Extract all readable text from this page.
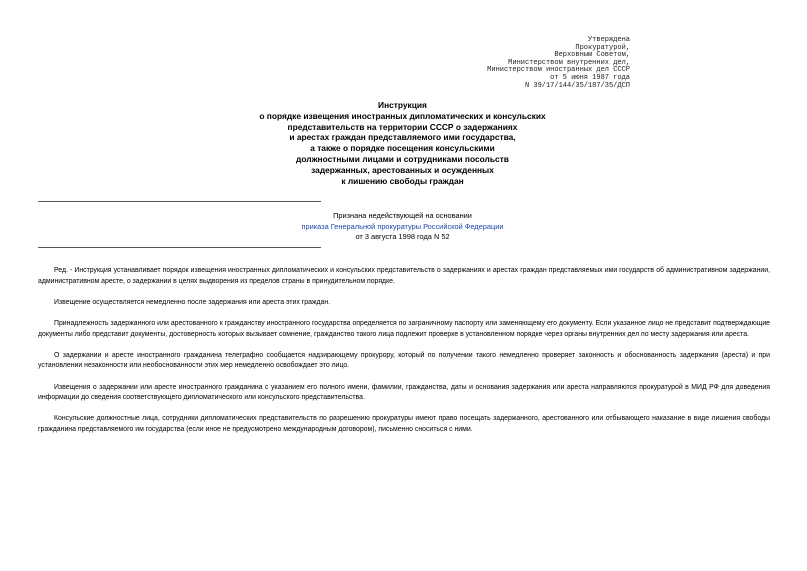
Утверждена
Прокуратурой,
Верховным Советом,
Министерством внутренних дел,
Министерством иностранных дел СССР
от 5 июня 1987 года
N 39/17/144/35/187/35/ДСП
Инструкция
о порядке извещения иностранных дипломатических и консульских
представительств на территории СССР о задержаниях
и арестах граждан представляемого ими государства,
а также о порядке посещения консульскими
должностными лицами и сотрудниками посольств
задержанных, арестованных и осужденных
к лишению свободы граждан
Признана недействующей на основании
приказа Генеральной прокуратуры Российской Федерации
от 3 августа 1998 года N 52

Ред. - Инструкция устанавливает порядок извещения иностранных дипломатических и консульских представительств о задержаниях и арестах граждан представляемых ими государств об административном задержании, административном аресте, о задержании в целях выдворения из пределов страны в принудительном порядке.

Извещение осуществляется немедленно после задержания или ареста этих граждан.

Принадлежность задержанного или арестованного к гражданству иностранного государства определяется по заграничному паспорту или заменяющему его документу. Если указанное лицо не представит подтверждающие документы либо представит документы, достоверность которых вызывает сомнение, гражданство такого лица подлежит проверке в установленном порядке через органы внутренних дел по месту задержания или ареста.

О задержании и аресте иностранного гражданина телеграфно сообщается надзирающему прокурору, который по получении такого немедленно проверяет законность и обоснованность задержания (ареста) и при установлении незаконности или необоснованности этих мер немедленно освобождает это лицо.

Извещения о задержании или аресте иностранного гражданина с указанием его полного имени, фамилии, гражданства, даты и основания задержания или ареста направляются прокуратурой в МИД РФ для доведения информации до сведения соответствующего дипломатического или консульского представительства.

Консульские должностные лица, сотрудники дипломатических представительств по разрешению прокуратуры имеют право посещать задержанного, арестованного или отбывающего наказание в виде лишения свободы гражданина представляемого им государства (если иное не предусмотрено международным договором), письменно сноситься с ними.
